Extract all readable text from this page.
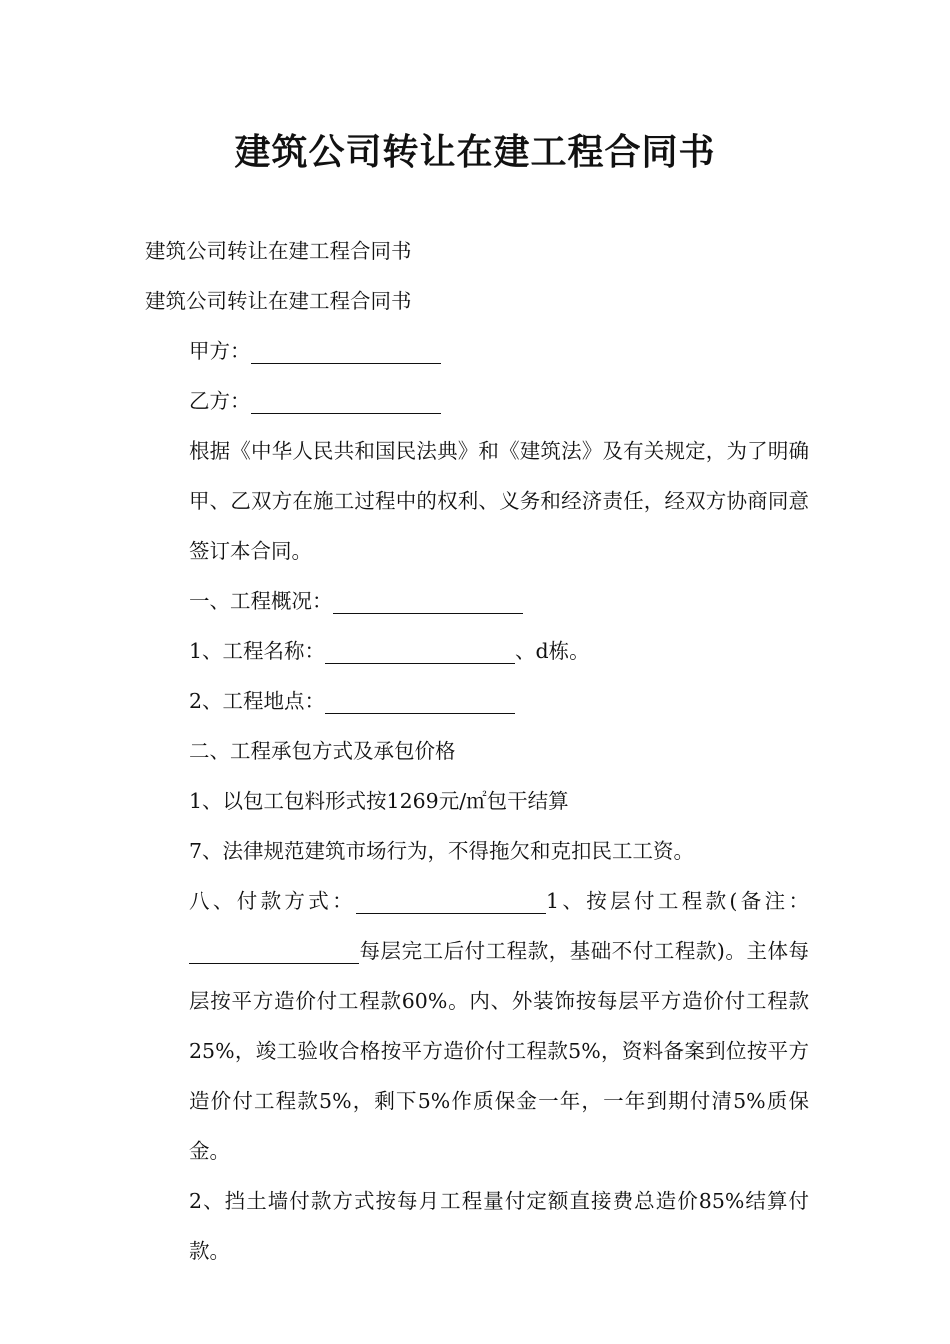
建筑公司转让在建工程合同书

建筑公司转让在建工程合同书

建筑公司转让在建工程合同书

甲方：

乙方：

根据《中华人民共和国民法典》和《建筑法》及有关规定，为了明确甲、乙双方在施工过程中的权利、义务和经济责任，经双方协商同意签订本合同。

一、工程概况：

1、工程名称：	、d栋。

2、工程地点：

二、工程承包方式及承包价格

1、以包工包料形式按1269元/㎡包干结算

7、法律规范建筑市场行为，不得拖欠和克扣民工工资。

八、付款方式：	1、按层付工程款(备注：每层完工后付工程款，基础不付工程款)。主体每层按平方造价付工程款60%。内、外装饰按每层平方造价付工程款25%，竣工验收合格按平方造价付工程款5%，资料备案到位按平方造价付工程款5%，剩下5%作质保金一年，一年到期付清5%质保金。

2、挡土墙付款方式按每月工程量付定额直接费总造价85%结算付款。
